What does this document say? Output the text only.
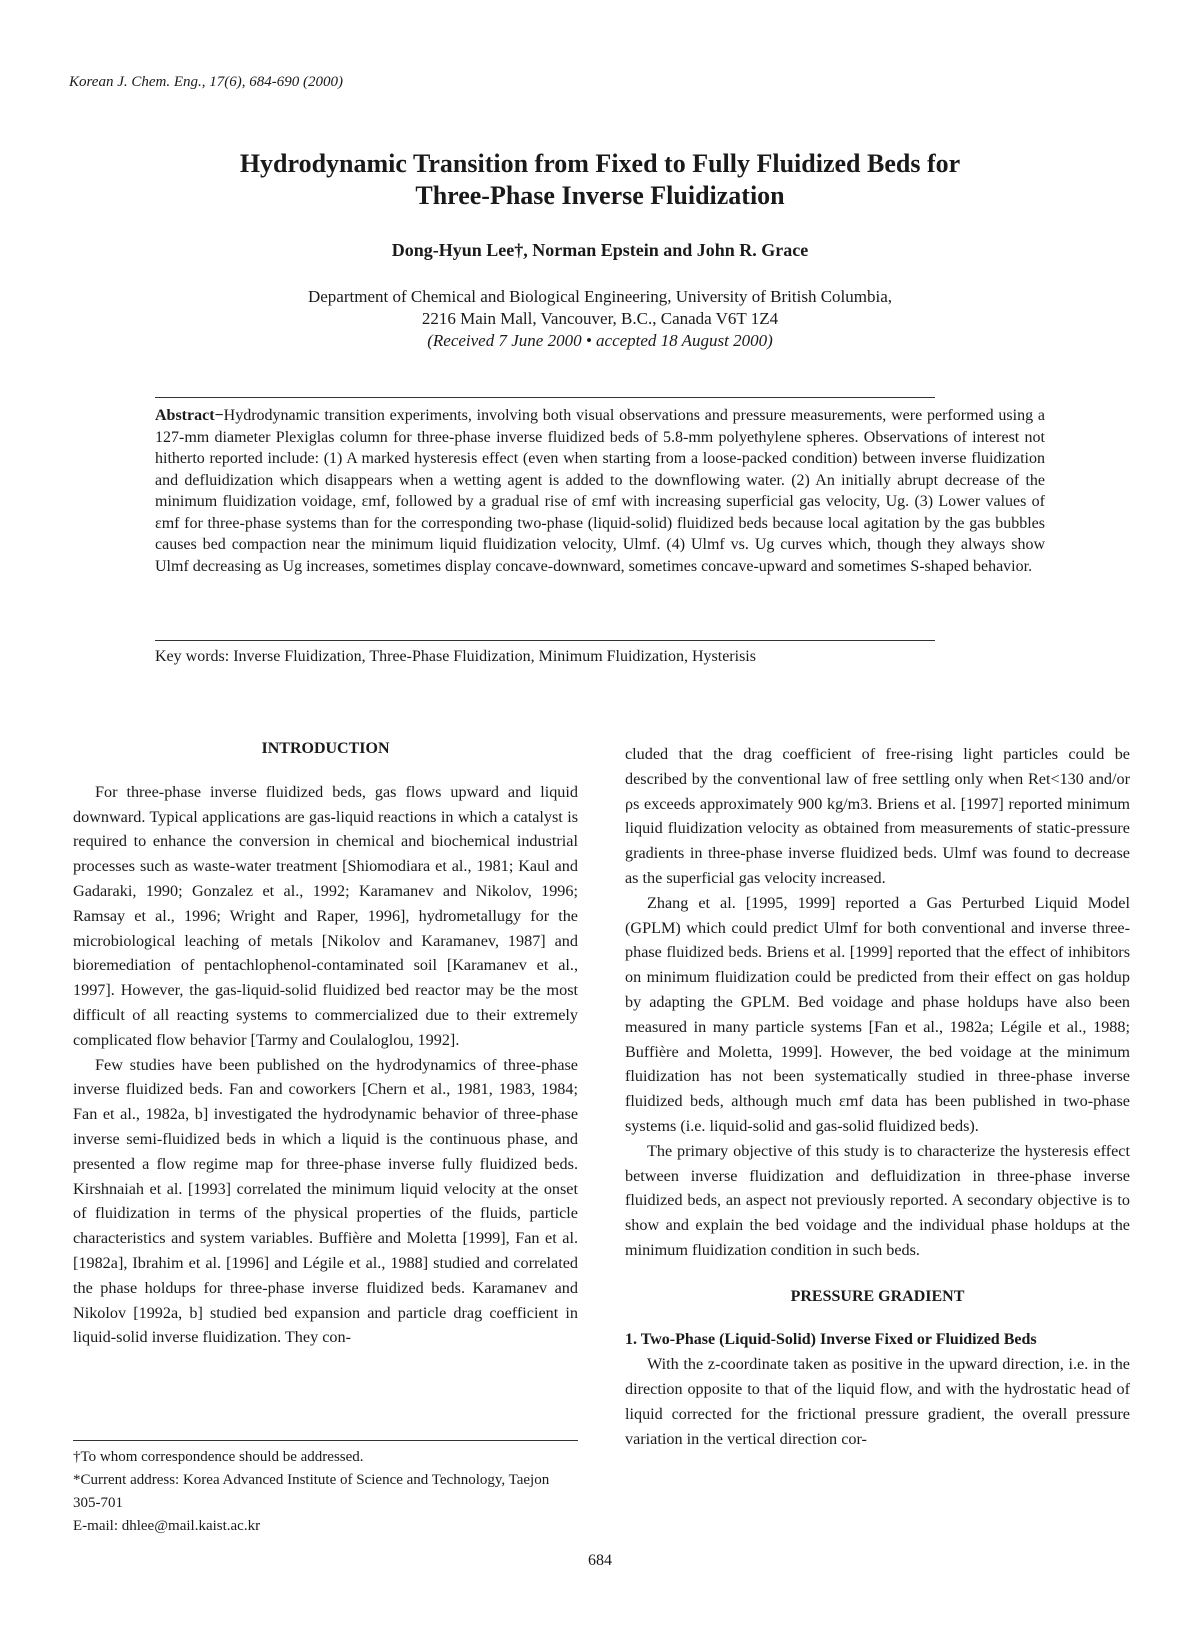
Korean J. Chem. Eng., 17(6), 684-690 (2000)
Hydrodynamic Transition from Fixed to Fully Fluidized Beds for
Three-Phase Inverse Fluidization
Dong-Hyun Lee†, Norman Epstein and John R. Grace
Department of Chemical and Biological Engineering, University of British Columbia,
2216 Main Mall, Vancouver, B.C., Canada V6T 1Z4
(Received 7 June 2000 • accepted 18 August 2000)
Abstract−Hydrodynamic transition experiments, involving both visual observations and pressure measurements, were performed using a 127-mm diameter Plexiglas column for three-phase inverse fluidized beds of 5.8-mm polyethylene spheres. Observations of interest not hitherto reported include: (1) A marked hysteresis effect (even when starting from a loose-packed condition) between inverse fluidization and defluidization which disappears when a wetting agent is added to the downflowing water. (2) An initially abrupt decrease of the minimum fluidization voidage, εmf, followed by a gradual rise of εmf with increasing superficial gas velocity, Ug. (3) Lower values of εmf for three-phase systems than for the corresponding two-phase (liquid-solid) fluidized beds because local agitation by the gas bubbles causes bed compaction near the minimum liquid fluidization velocity, Ulmf. (4) Ulmf vs. Ug curves which, though they always show Ulmf decreasing as Ug increases, sometimes display concave-downward, sometimes concave-upward and sometimes S-shaped behavior.
Key words: Inverse Fluidization, Three-Phase Fluidization, Minimum Fluidization, Hysterisis
INTRODUCTION

For three-phase inverse fluidized beds, gas flows upward and liquid downward. Typical applications are gas-liquid reactions in which a catalyst is required to enhance the conversion in chemical and biochemical industrial processes such as waste-water treatment [Shiomodiara et al., 1981; Kaul and Gadaraki, 1990; Gonzalez et al., 1992; Karamanev and Nikolov, 1996; Ramsay et al., 1996; Wright and Raper, 1996], hydrometallugy for the microbiological leaching of metals [Nikolov and Karamanev, 1987] and bioremediation of pentachlophenol-contaminated soil [Karamanev et al., 1997]. However, the gas-liquid-solid fluidized bed reactor may be the most difficult of all reacting systems to commercialized due to their extremely complicated flow behavior [Tarmy and Coulaloglou, 1992].

Few studies have been published on the hydrodynamics of three-phase inverse fluidized beds. Fan and coworkers [Chern et al., 1981, 1983, 1984; Fan et al., 1982a, b] investigated the hydrodynamic behavior of three-phase inverse semi-fluidized beds in which a liquid is the continuous phase, and presented a flow regime map for three-phase inverse fully fluidized beds. Kirshnaiah et al. [1993] correlated the minimum liquid velocity at the onset of fluidization in terms of the physical properties of the fluids, particle characteristics and system variables. Buffière and Moletta [1999], Fan et al. [1982a], Ibrahim et al. [1996] and Légile et al., 1988] studied and correlated the phase holdups for three-phase inverse fluidized beds. Karamanev and Nikolov [1992a, b] studied bed expansion and particle drag coefficient in liquid-solid inverse fluidization. They con-

†To whom correspondence should be addressed.
*Current address: Korea Advanced Institute of Science and Technology, Taejon 305-701
E-mail: dhlee@mail.kaist.ac.kr

cluded that the drag coefficient of free-rising light particles could be described by the conventional law of free settling only when Ret<130 and/or ρs exceeds approximately 900 kg/m3. Briens et al. [1997] reported minimum liquid fluidization velocity as obtained from measurements of static-pressure gradients in three-phase inverse fluidized beds. Ulmf was found to decrease as the superficial gas velocity increased.

Zhang et al. [1995, 1999] reported a Gas Perturbed Liquid Model (GPLM) which could predict Ulmf for both conventional and inverse three-phase fluidized beds. Briens et al. [1999] reported that the effect of inhibitors on minimum fluidization could be predicted from their effect on gas holdup by adapting the GPLM. Bed voidage and phase holdups have also been measured in many particle systems [Fan et al., 1982a; Légile et al., 1988; Buffière and Moletta, 1999]. However, the bed voidage at the minimum fluidization has not been systematically studied in three-phase inverse fluidized beds, although much εmf data has been published in two-phase systems (i.e. liquid-solid and gas-solid fluidized beds).

The primary objective of this study is to characterize the hysteresis effect between inverse fluidization and defluidization in three-phase inverse fluidized beds, an aspect not previously reported. A secondary objective is to show and explain the bed voidage and the individual phase holdups at the minimum fluidization condition in such beds.

PRESSURE GRADIENT
1. Two-Phase (Liquid-Solid) Inverse Fixed or Fluidized Beds

With the z-coordinate taken as positive in the upward direction, i.e. in the direction opposite to that of the liquid flow, and with the hydrostatic head of liquid corrected for the frictional pressure gradient, the overall pressure variation in the vertical direction cor-

684
